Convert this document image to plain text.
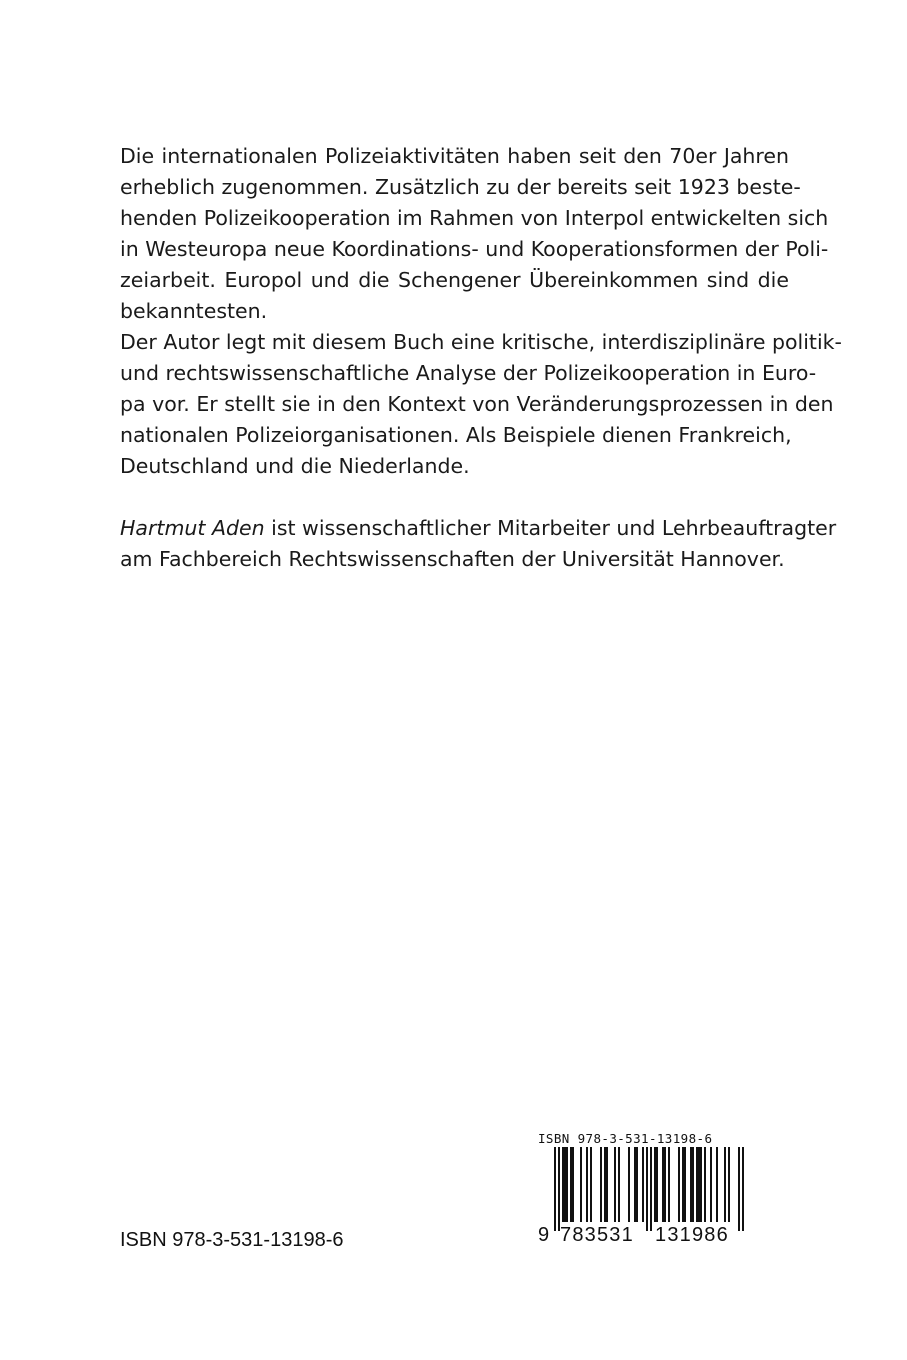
Die internationalen Polizeiaktivitäten haben seit den 70er Jahren
erheblich zugenommen. Zusätzlich zu der bereits seit 1923 beste-
henden Polizeikooperation im Rahmen von Interpol entwickelten sich
in Westeuropa neue Koordinations- und Kooperationsformen der Poli-
zeiarbeit. Europol und die Schengener Übereinkommen sind die
bekanntesten.
Der Autor legt mit diesem Buch eine kritische, interdisziplinäre politik-
und rechtswissenschaftliche Analyse der Polizeikooperation in Euro-
pa vor. Er stellt sie in den Kontext von Veränderungsprozessen in den
nationalen Polizeiorganisationen. Als Beispiele dienen Frankreich,
Deutschland und die Niederlande.
Hartmut Aden ist wissenschaftlicher Mitarbeiter und Lehrbeauftragter
am Fachbereich Rechtswissenschaften der Universität Hannover.
ISBN 978-3-531-13198-6
ISBN 978-3-531-13198-6
9 783531 131986
